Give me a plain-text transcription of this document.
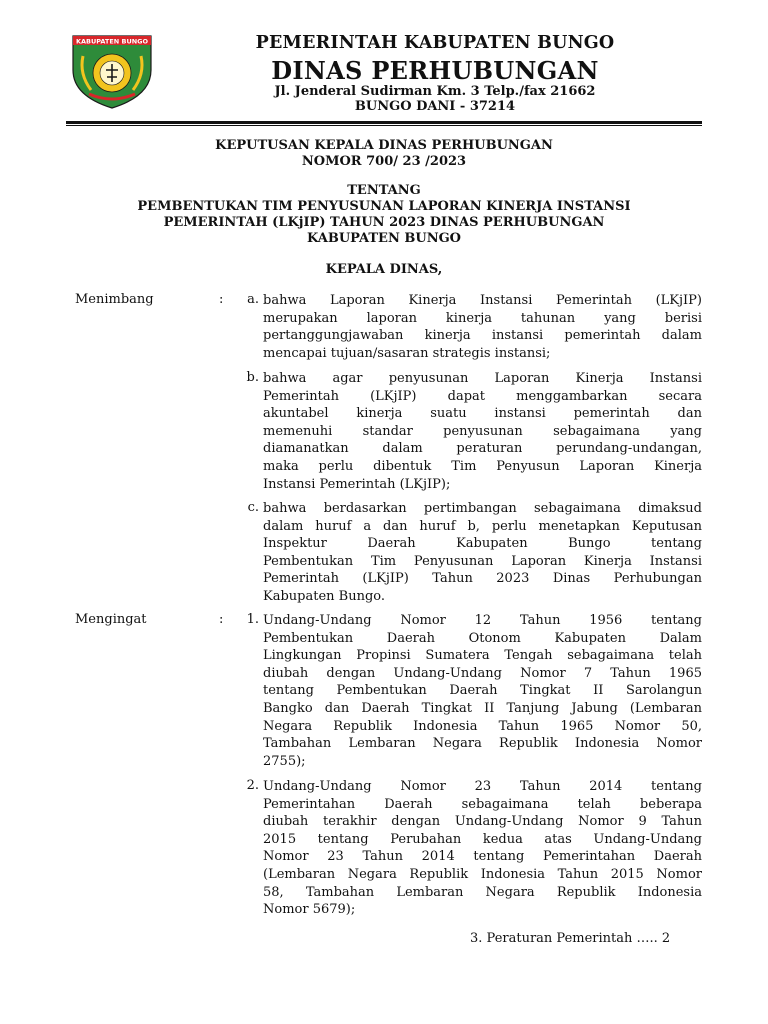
KABUPATEN BUNGO	PEMERINTAH KABUPATEN BUNGO
DINAS PERHUBUNGAN
Jl. Jenderal Sudirman Km. 3 Telp./fax 21662
BUNGO DANI - 37214
KEPUTUSAN KEPALA DINAS PERHUBUNGAN
NOMOR 700/ 23 /2023
TENTANG
PEMBENTUKAN TIM PENYUSUNAN LAPORAN KINERJA INSTANSI
PEMERINTAH (LKjIP) TAHUN 2023 DINAS PERHUBUNGAN
KABUPATEN BUNGO
KEPALA DINAS,
Menimbang	:	a. bahwa Laporan Kinerja Instansi Pemerintah (LKjIP)
merupakan laporan kinerja tahunan yang berisi
pertanggungjawaban kinerja instansi pemerintah dalam
mencapai tujuan/sasaran strategis instansi;
b. bahwa agar penyusunan Laporan Kinerja Instansi
Pemerintah (LKjIP) dapat menggambarkan secara
akuntabel kinerja suatu instansi pemerintah dan
memenuhi standar penyusunan sebagaimana yang
diamanatkan dalam peraturan perundang-undangan,
maka perlu dibentuk Tim Penyusun Laporan Kinerja
Instansi Pemerintah (LKjIP);
c. bahwa berdasarkan pertimbangan sebagaimana dimaksud
dalam huruf a dan huruf b, perlu menetapkan Keputusan
Inspektur Daerah Kabupaten Bungo tentang
Pembentukan Tim Penyusunan Laporan Kinerja Instansi
Pemerintah (LKjIP) Tahun 2023 Dinas Perhubungan
Kabupaten Bungo.
Mengingat	:	1. Undang-Undang Nomor 12 Tahun 1956 tentang
Pembentukan Daerah Otonom Kabupaten Dalam
Lingkungan Propinsi Sumatera Tengah sebagaimana telah
diubah dengan Undang-Undang Nomor 7 Tahun 1965
tentang Pembentukan Daerah Tingkat II Sarolangun
Bangko dan Daerah Tingkat II Tanjung Jabung (Lembaran
Negara Republik Indonesia Tahun 1965 Nomor 50,
Tambahan Lembaran Negara Republik Indonesia Nomor
2755);
2. Undang-Undang Nomor 23 Tahun 2014 tentang
Pemerintahan Daerah sebagaimana telah beberapa
diubah terakhir dengan Undang-Undang Nomor 9 Tahun
2015 tentang Perubahan kedua atas Undang-Undang
Nomor 23 Tahun 2014 tentang Pemerintahan Daerah
(Lembaran Negara Republik Indonesia Tahun 2015 Nomor
58, Tambahan Lembaran Negara Republik Indonesia
Nomor 5679);
3. Peraturan Pemerintah ….. 2
